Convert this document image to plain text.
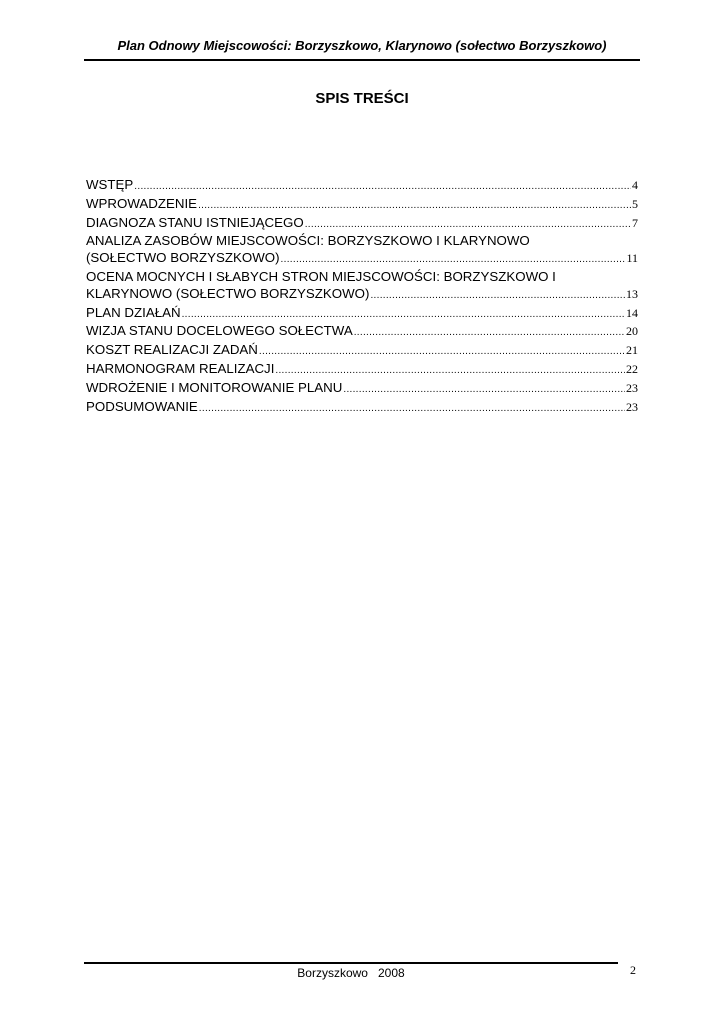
Plan Odnowy Miejscowości: Borzyszkowo, Klarynowo (sołectwo Borzyszkowo)
SPIS TREŚCI
WSTĘP .....	4
WPROWADZENIE .....	5
DIAGNOZA STANU ISTNIEJĄCEGO .....	7
ANALIZA ZASOBÓW MIEJSCOWOŚCI: BORZYSZKOWO I KLARYNOWO
(SOŁECTWO BORZYSZKOWO) .....	11
OCENA MOCNYCH I SŁABYCH STRON MIEJSCOWOŚCI: BORZYSZKOWO I
KLARYNOWO (SOŁECTWO BORZYSZKOWO) .....	13
PLAN DZIAŁAŃ .....	14
WIZJA STANU DOCELOWEGO SOŁECTWA .....	20
KOSZT REALIZACJI ZADAŃ .....	21
HARMONOGRAM REALIZACJI .....	22
WDROŻENIE I MONITOROWANIE PLANU .....	23
PODSUMOWANIE .....	23
Borzyszkowo   2008	2
